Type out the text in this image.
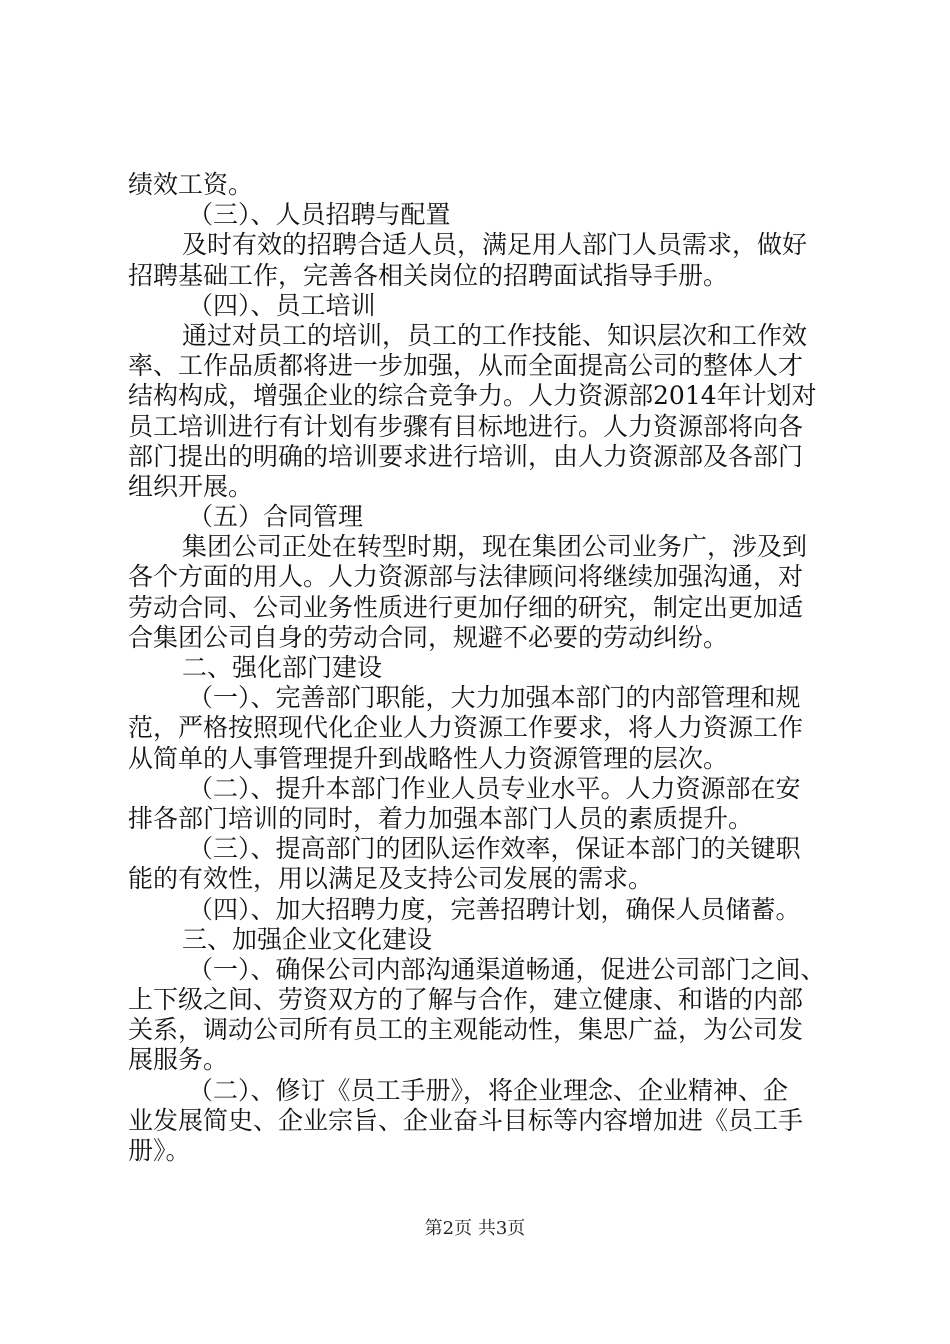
绩效工资。
（三）、人员招聘与配置
及时有效的招聘合适人员，满足用人部门人员需求，做好
招聘基础工作，完善各相关岗位的招聘面试指导手册。
（四）、员工培训
通过对员工的培训，员工的工作技能、知识层次和工作效
率、工作品质都将进一步加强，从而全面提高公司的整体人才
结构构成，增强企业的综合竞争力。人力资源部2014年计划对
员工培训进行有计划有步骤有目标地进行。人力资源部将向各
部门提出的明确的培训要求进行培训，由人力资源部及各部门
组织开展。
（五）合同管理
集团公司正处在转型时期，现在集团公司业务广，涉及到
各个方面的用人。人力资源部与法律顾问将继续加强沟通，对
劳动合同、公司业务性质进行更加仔细的研究，制定出更加适
合集团公司自身的劳动合同，规避不必要的劳动纠纷。
二、强化部门建设
（一）、完善部门职能，大力加强本部门的内部管理和规
范，严格按照现代化企业人力资源工作要求，将人力资源工作
从简单的人事管理提升到战略性人力资源管理的层次。
（二）、提升本部门作业人员专业水平。人力资源部在安
排各部门培训的同时，着力加强本部门人员的素质提升。
（三）、提高部门的团队运作效率，保证本部门的关键职
能的有效性，用以满足及支持公司发展的需求。
（四）、加大招聘力度，完善招聘计划，确保人员储蓄。
三、加强企业文化建设
（一）、确保公司内部沟通渠道畅通，促进公司部门之间、
上下级之间、劳资双方的了解与合作，建立健康、和谐的内部
关系，调动公司所有员工的主观能动性，集思广益，为公司发
展服务。
（二）、修订《员工手册》，将企业理念、企业精神、企
业发展简史、企业宗旨、企业奋斗目标等内容增加进《员工手
册》。
第2页 共3页
